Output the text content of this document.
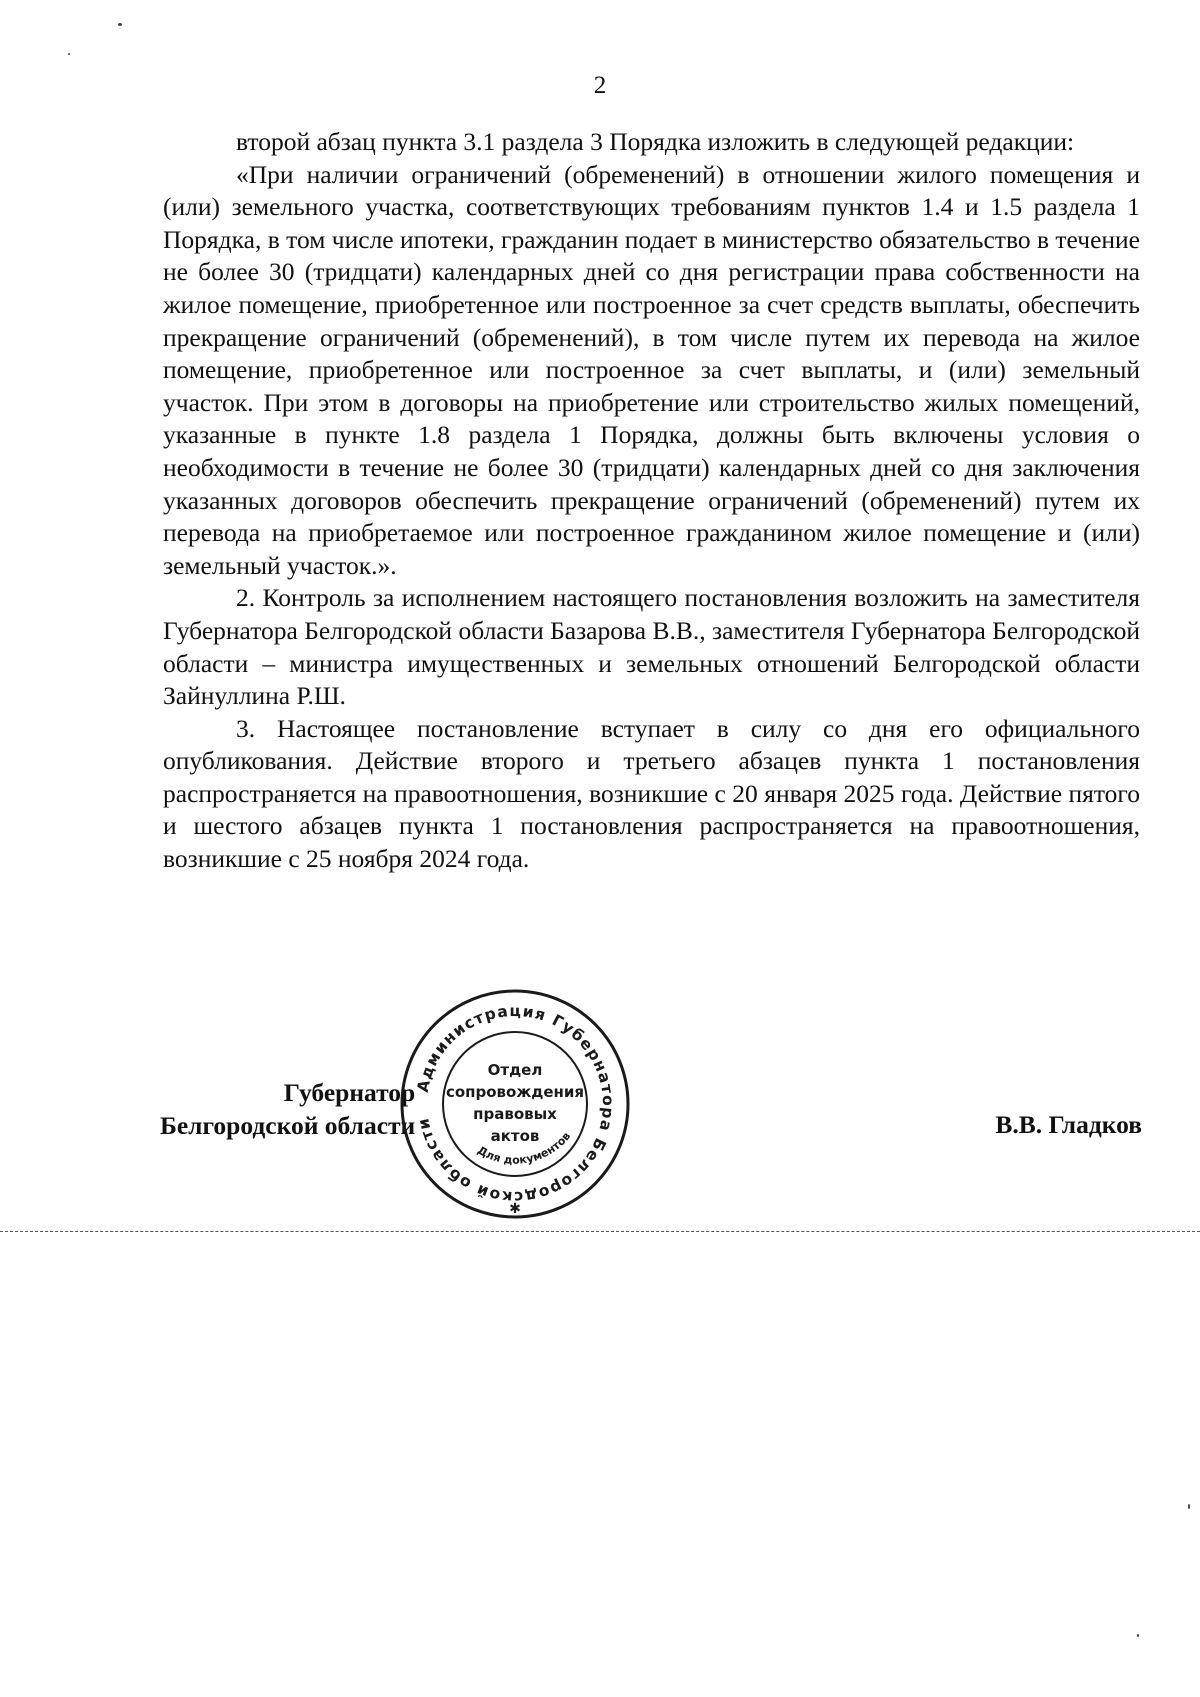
2

второй абзац пункта 3.1 раздела 3 Порядка изложить в следующей редакции:

«При наличии ограничений (обременений) в отношении жилого помещения и (или) земельного участка, соответствующих требованиям пунктов 1.4 и 1.5 раздела 1 Порядка, в том числе ипотеки, гражданин подает в министерство обязательство в течение не более 30 (тридцати) календарных дней со дня регистрации права собственности на жилое помещение, приобретенное или построенное за счет средств выплаты, обеспечить прекращение ограничений (обременений), в том числе путем их перевода на жилое помещение, приобретенное или построенное за счет выплаты, и (или) земельный участок. При этом в договоры на приобретение или строительство жилых помещений, указанные в пункте 1.8 раздела 1 Порядка, должны быть включены условия о необходимости в течение не более 30 (тридцати) календарных дней со дня заключения указанных договоров обеспечить прекращение ограничений (обременений) путем их перевода на приобретаемое или построенное гражданином жилое помещение и (или) земельный участок.».

2. Контроль за исполнением настоящего постановления возложить на заместителя Губернатора Белгородской области Базарова В.В., заместителя Губернатора Белгородской области – министра имущественных и земельных отношений Белгородской области Зайнуллина Р.Ш.

3. Настоящее постановление вступает в силу со дня его официального опубликования. Действие второго и третьего абзацев пункта 1 постановления распространяется на правоотношения, возникшие с 20 января 2025 года. Действие пятого и шестого абзацев пункта 1 постановления распространяется на правоотношения, возникшие с 25 ноября 2024 года.

Губернатор
Белгородской области	В.В. Гладков
Администрация Губернатора Белгородской области
Для документов
Отдел
сопровождения
правовых
актов
✱
